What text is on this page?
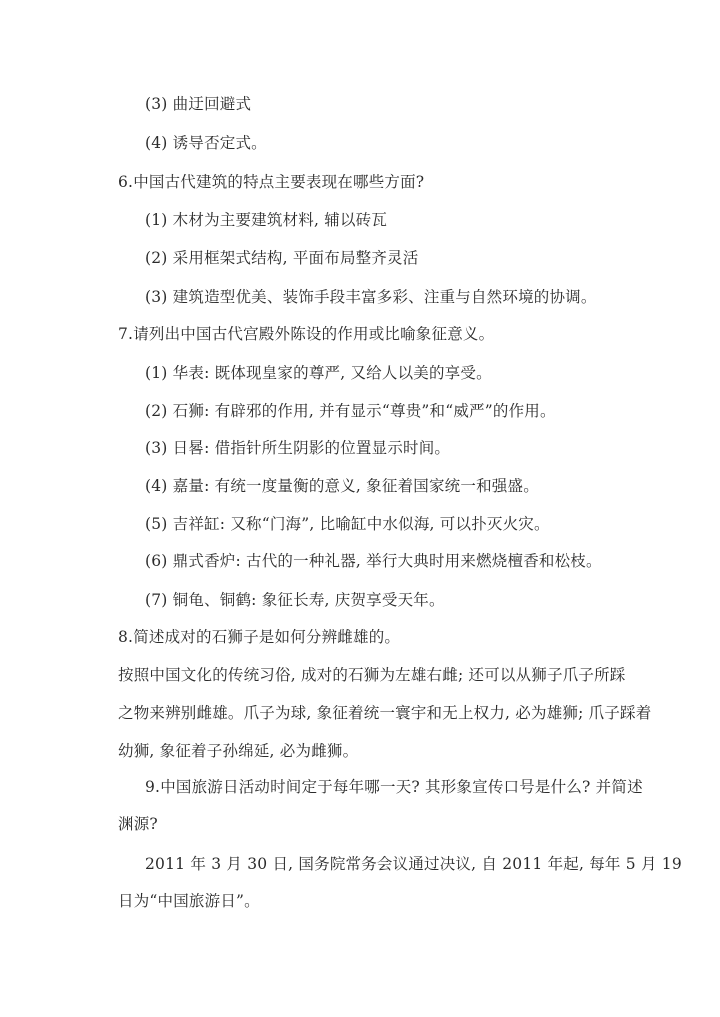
(3) 曲迂回避式
(4) 诱导否定式。
6.中国古代建筑的特点主要表现在哪些方面?
(1) 木材为主要建筑材料, 辅以砖瓦
(2) 采用框架式结构, 平面布局整齐灵活
(3) 建筑造型优美、装饰手段丰富多彩、注重与自然环境的协调。
7.请列出中国古代宫殿外陈设的作用或比喻象征意义。
(1) 华表: 既体现皇家的尊严, 又给人以美的享受。
(2) 石狮: 有辟邪的作用, 并有显示“尊贵”和“威严”的作用。
(3) 日晷: 借指针所生阴影的位置显示时间。
(4) 嘉量: 有统一度量衡的意义, 象征着国家统一和强盛。
(5) 吉祥缸: 又称“门海”, 比喻缸中水似海, 可以扑灭火灾。
(6) 鼎式香炉: 古代的一种礼器, 举行大典时用来燃烧檀香和松枝。
(7) 铜龟、铜鹤: 象征长寿, 庆贺享受天年。
8.简述成对的石狮子是如何分辨雌雄的。
按照中国文化的传统习俗, 成对的石狮为左雄右雌; 还可以从狮子爪子所踩
之物来辨别雌雄。爪子为球, 象征着统一寰宇和无上权力, 必为雄狮; 爪子踩着
幼狮, 象征着子孙绵延, 必为雌狮。
9.中国旅游日活动时间定于每年哪一天? 其形象宣传口号是什么? 并简述
渊源?
2011 年 3 月 30 日, 国务院常务会议通过决议, 自 2011 年起, 每年 5 月 19
日为“中国旅游日”。
